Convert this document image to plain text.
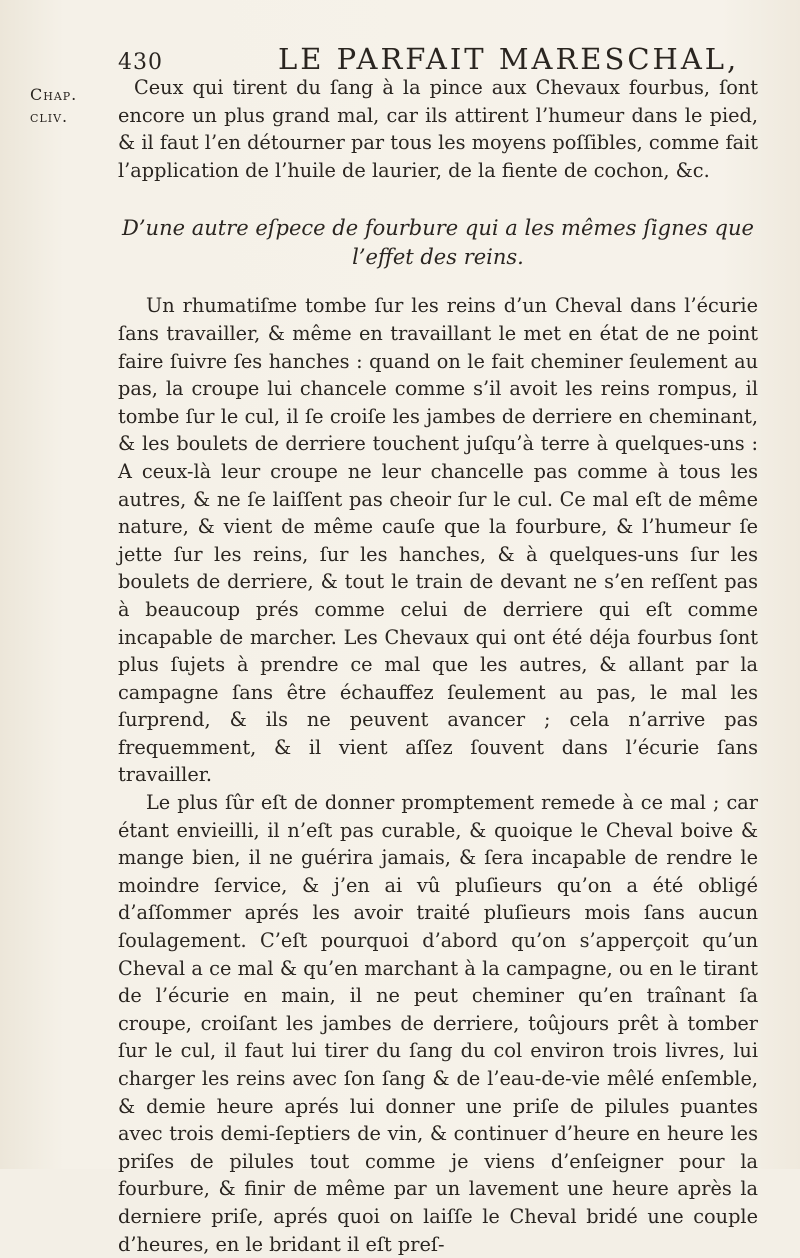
430	LE PARFAIT MARESCHAL,
Chap.
cliv.

Ceux qui tirent du ſang à la pince aux Chevaux fourbus, ſont encore un plus grand mal, car ils attirent l’humeur dans le pied, & il faut l’en détourner par tous les moyens poſſibles, comme fait l’application de l’huile de laurier, de la fiente de cochon, &c.

D’une autre eſpece de fourbure qui a les mêmes ſignes que l’effet des reins.

Un rhumatiſme tombe ſur les reins d’un Cheval dans l’écurie ſans travailler, & même en travaillant le met en état de ne point faire ſuivre ſes hanches : quand on le fait cheminer ſeulement au pas, la croupe lui chancele comme s’il avoit les reins rompus, il tombe ſur le cul, il ſe croiſe les jambes de derriere en cheminant, & les boulets de derriere touchent juſqu’à terre à quelques-uns : A ceux-là leur croupe ne leur chancelle pas comme à tous les autres, & ne ſe laiſſent pas cheoir ſur le cul. Ce mal eſt de même nature, & vient de même cauſe que la fourbure, & l’humeur ſe jette ſur les reins, ſur les hanches, & à quelques-uns ſur les boulets de derriere, & tout le train de devant ne s’en reſſent pas à beaucoup prés comme celui de derriere qui eſt comme incapable de marcher. Les Chevaux qui ont été déja fourbus ſont plus ſujets à prendre ce mal que les autres, & allant par la campagne ſans être échauffez ſeulement au pas, le mal les ſurprend, & ils ne peuvent avancer ; cela n’arrive pas frequemment, & il vient aſſez ſouvent dans l’écurie ſans travailler.

Le plus ſûr eſt de donner promptement remede à ce mal ; car étant envieilli, il n’eſt pas curable, & quoique le Cheval boive & mange bien, il ne guérira jamais, & ſera incapable de rendre le moindre ſervice, & j’en ai vû pluſieurs qu’on a été obligé d’aſſommer aprés les avoir traité pluſieurs mois ſans aucun ſoulagement. C’eſt pourquoi d’abord qu’on s’apperçoit qu’un Cheval a ce mal & qu’en marchant à la campagne, ou en le tirant de l’écurie en main, il ne peut cheminer qu’en traînant ſa croupe, croiſant les jambes de derriere, toûjours prêt à tomber ſur le cul, il faut lui tirer du ſang du col environ trois livres, lui charger les reins avec ſon ſang & de l’eau-de-vie mêlé enſemble, & demie heure aprés lui donner une priſe de pilules puantes avec trois demi-ſeptiers de vin, & continuer d’heure en heure les priſes de pilules tout comme je viens d’enſeigner pour la fourbure, & finir de même par un lavement une heure après la derniere priſe, aprés quoi on laiſſe le Cheval bridé une couple d’heures, en le bridant il eſt preſ-
